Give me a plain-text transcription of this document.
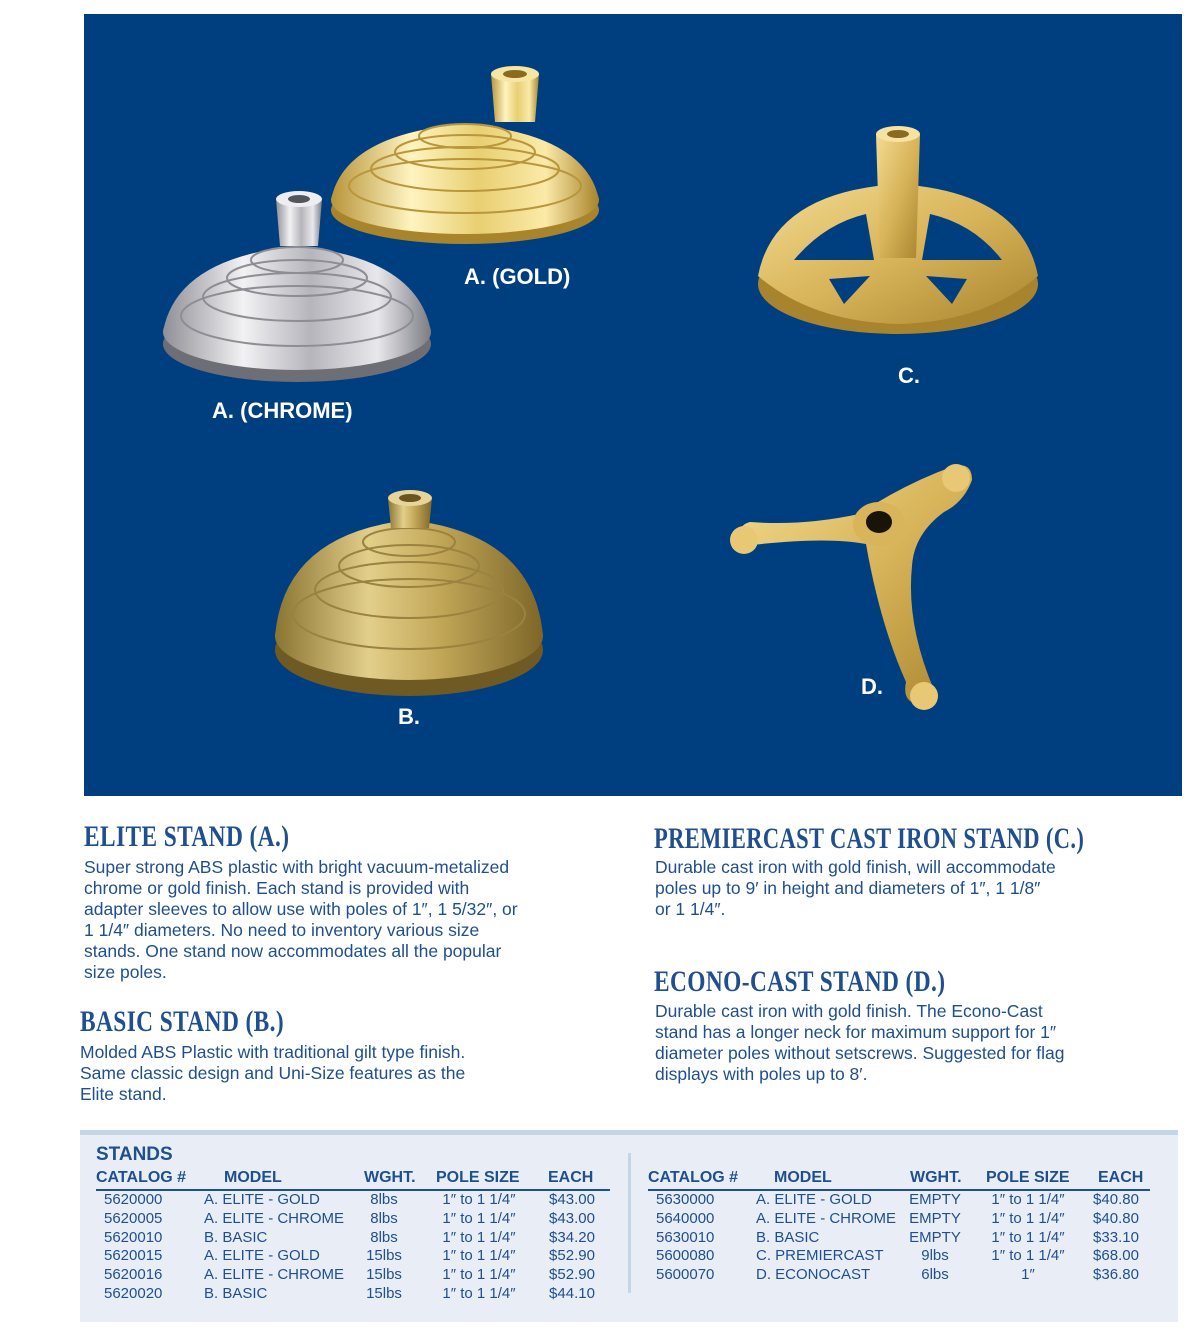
A. (CHROME)
A. (GOLD)
B.
C.
D.
ELITE STAND (A.)
Super strong ABS plastic with bright vacuum-metalized
chrome or gold finish. Each stand is provided with
adapter sleeves to allow use with poles of 1″, 1 5/32″, or
1 1/4″ diameters. No need to inventory various size
stands. One stand now accommodates all the popular
size poles.
BASIC STAND (B.)
Molded ABS Plastic with traditional gilt type finish.
Same classic design and Uni-Size features as the
Elite stand.
PREMIERCAST CAST IRON STAND (C.)
Durable cast iron with gold finish, will accommodate
poles up to 9′ in height and diameters of 1″, 1 1/8″
or 1 1/4″.
ECONO-CAST STAND (D.)
Durable cast iron with gold finish. The Econo-Cast
stand has a longer neck for maximum support for 1″
diameter poles without setscrews. Suggested for flag
displays with poles up to 8′.
STANDS
CATALOG #	MODEL	WGHT.	POLE SIZE	EACH
5620000	A. ELITE - GOLD	8lbs	1″ to 1 1/4″	$43.00
5620005	A. ELITE - CHROME	8lbs	1″ to 1 1/4″	$43.00
5620010	B. BASIC	8lbs	1″ to 1 1/4″	$34.20
5620015	A. ELITE - GOLD	15lbs	1″ to 1 1/4″	$52.90
5620016	A. ELITE - CHROME	15lbs	1″ to 1 1/4″	$52.90
5620020	B. BASIC	15lbs	1″ to 1 1/4″	$44.10
CATALOG #	MODEL	WGHT.	POLE SIZE	EACH
5630000	A. ELITE - GOLD	EMPTY	1″ to 1 1/4″	$40.80
5640000	A. ELITE - CHROME	EMPTY	1″ to 1 1/4″	$40.80
5630010	B. BASIC	EMPTY	1″ to 1 1/4″	$33.10
5600080	C. PREMIERCAST	9lbs	1″ to 1 1/4″	$68.00
5600070	D. ECONOCAST	6lbs	1″	$36.80
